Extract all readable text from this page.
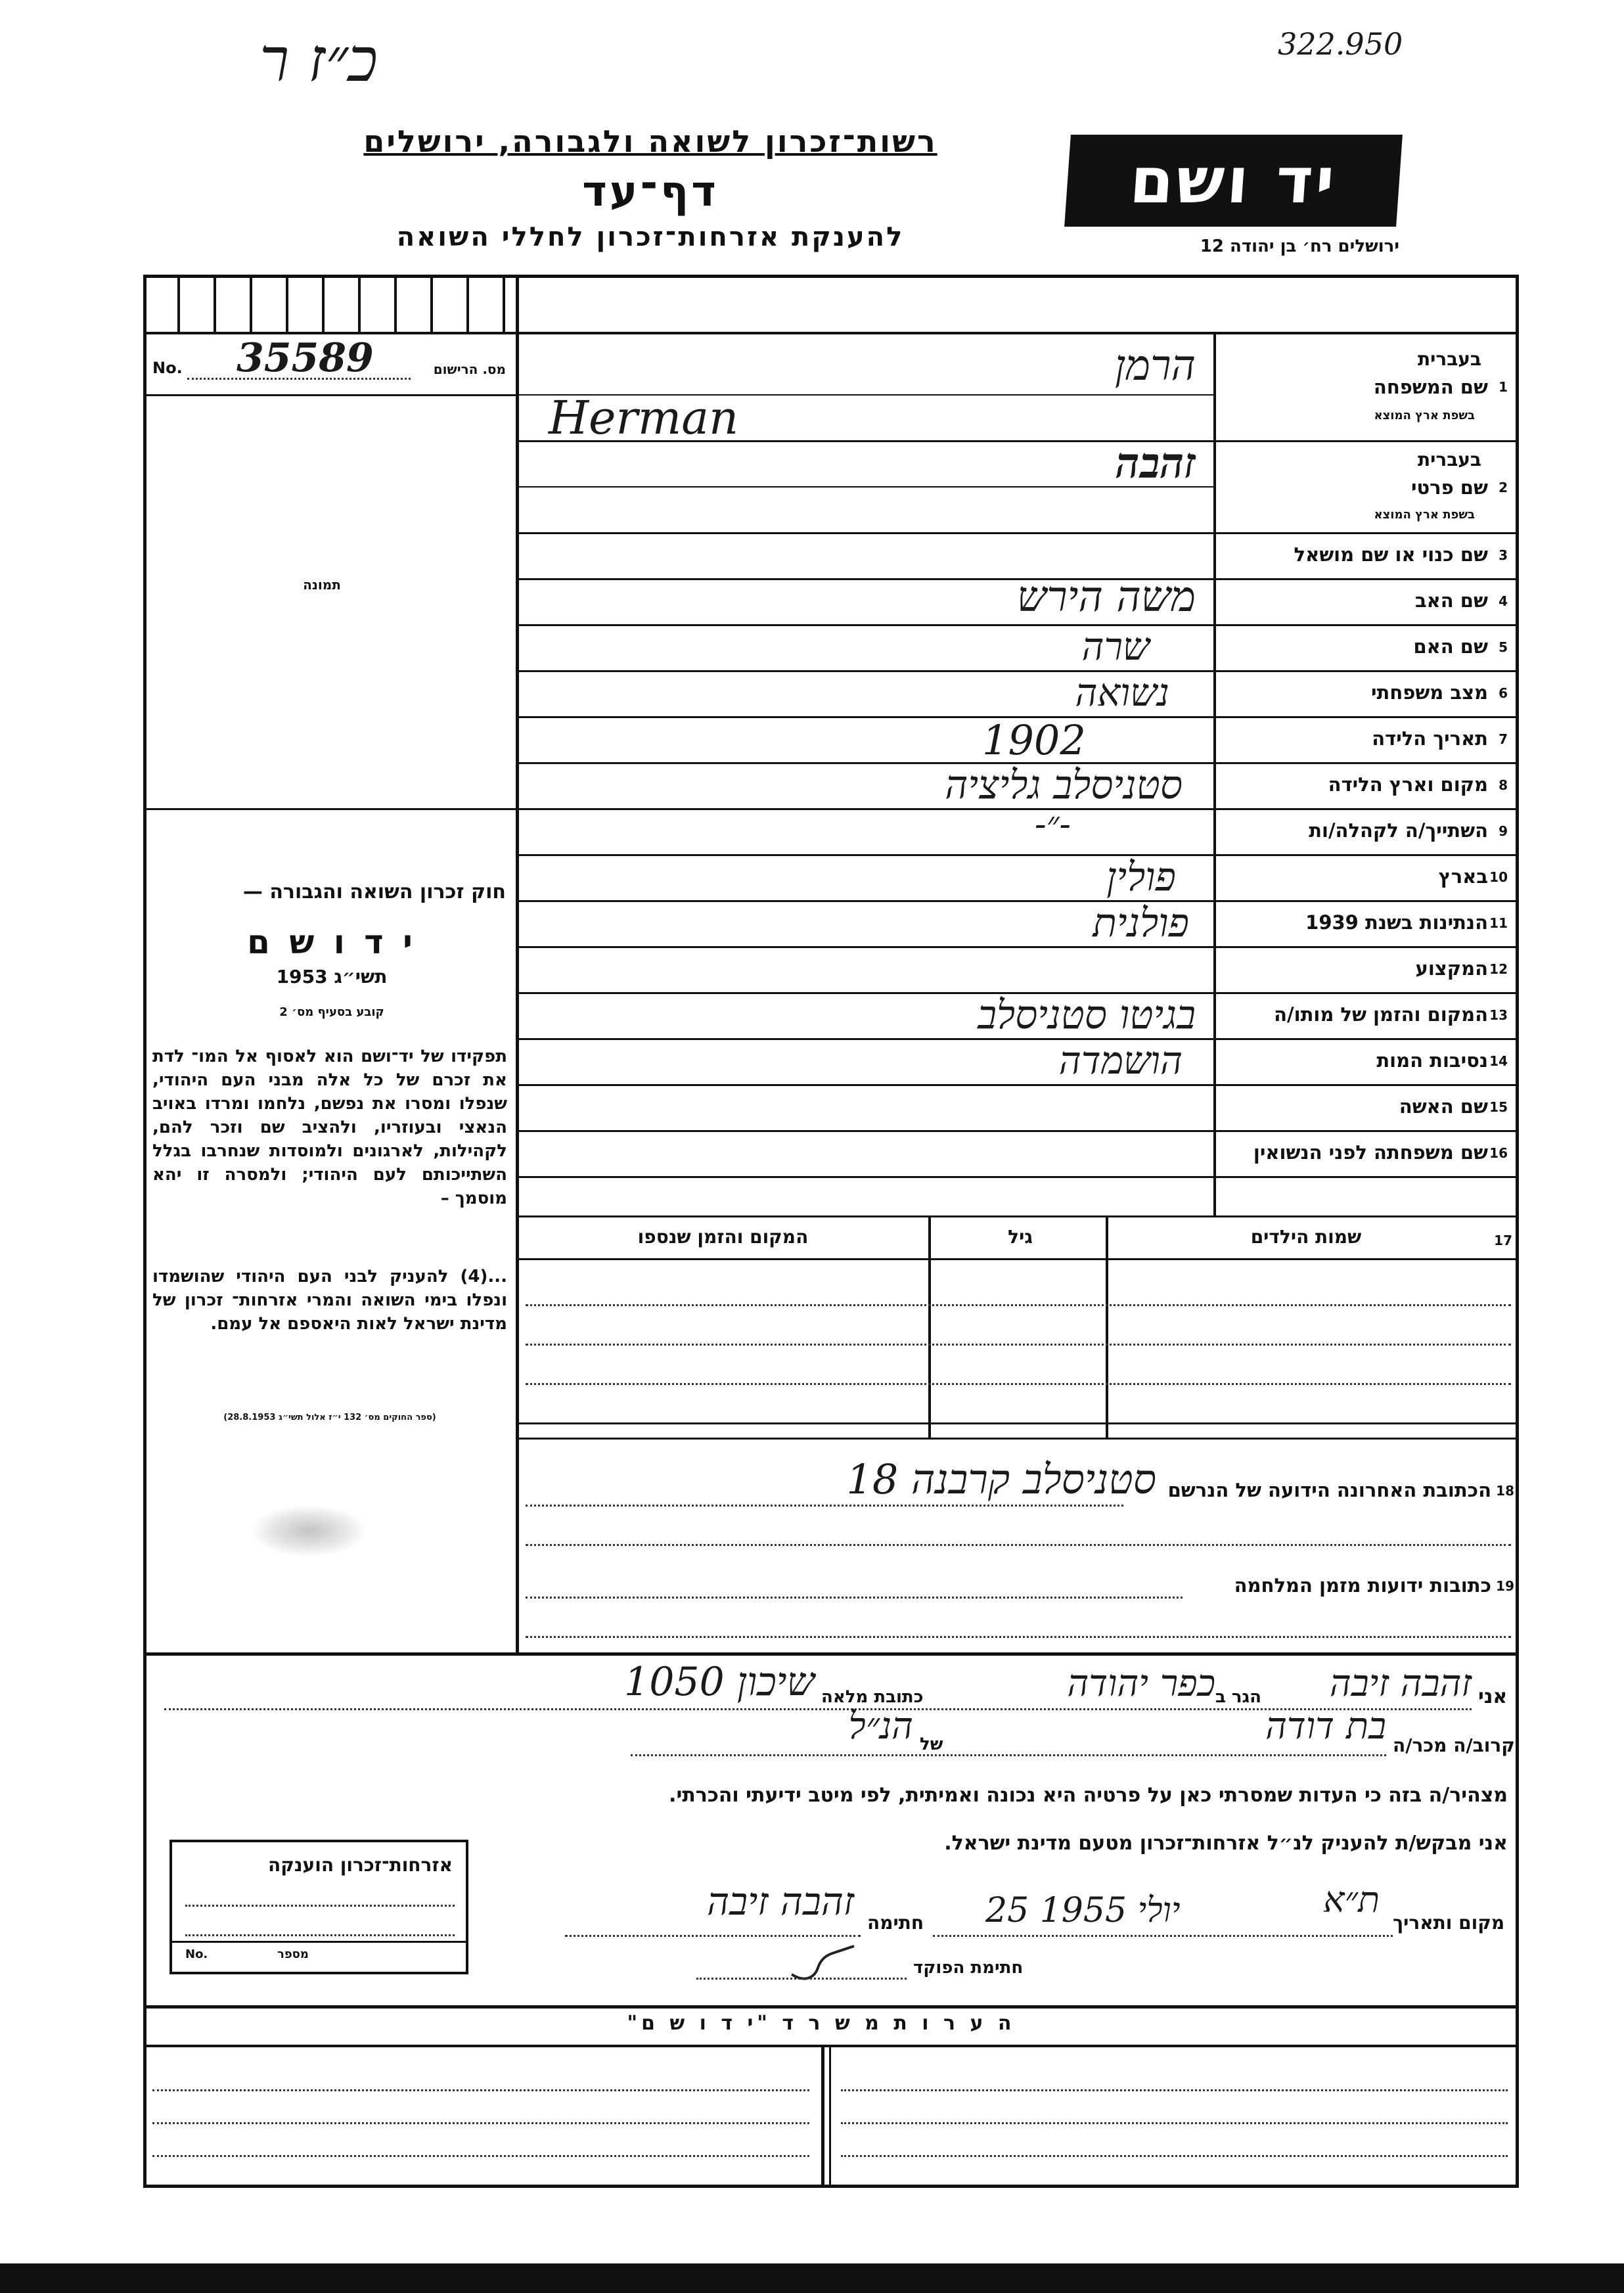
כ״ז ר	322.950
רשות־זכרון לשואה ולגבורה, ירושלים
דף־עד
להענקת אזרחות־זכרון לחללי השואה
יד ושם
ירושלים רח׳ בן יהודה 12
No. 35589	מס. הרישום
תמונה
חוק זכרון השואה והגבורה —
י ד ו ש ם
תשי״ג 1953
קובע בסעיף מס׳ 2
תפקידו של יד־ושם הוא לאסוף אל המו־ לדת את זכרם של כל אלה מבני העם היהודי, שנפלו ומסרו את נפשם, נלחמו ומרדו באויב הנאצי ובעוזריו, ולהציב שם וזכר להם, לקהילות, לארגונים ולמוסדות שנחרבו בגלל השתייכותם לעם היהודי; ולמסרה זו יהא מוסמך –
...(4) להעניק לבני העם היהודי שהושמדו ונפלו בימי השואה והמרי אזרחות־ זכרון של מדינת ישראל לאות היאספם אל עמם.
(ספר החוקים מס׳ 132 י״ז אלול תשי״ג 28.8.1953)
בעברית
שם המשפחה
בשפת ארץ המוצא
1
הרמן
Herman
בעברית
שם פרטי
בשפת ארץ המוצא
2
זהבה
שם כנוי או שם מושאל 3
שם האב 4
משה הירש
שם האם 5
שרה
מצב משפחתי 6
נשואה
תאריך הלידה 7
1902
מקום וארץ הלידה 8
סטניסלב גליציה
השתייך/ה לקהלה/ות 9
-״-
בארץ 10
פולין
הנתינות בשנת 1939 11
פולנית
המקצוע 12
המקום והזמן של מותו/ה 13
בגיטו סטניסלב
נסיבות המות 14
הושמדה
שם האשה 15
שם משפחתה לפני הנשואין 16
17
שמות הילדים
גיל
המקום והזמן שנספו
18
הכתובת האחרונה הידועה של הנרשם
סטניסלב קרבנה 18
19
כתובות ידועות מזמן המלחמה
אני
זהבה זיבה
הגר ב
כפר יהודה
כתובת מלאה
שיכון 1050
קרוב/ה מכר/ה
בת דודה
של
הנ״ל
מצהיר/ה בזה כי העדות שמסרתי כאן על פרטיה היא נכונה ואמיתית, לפי מיטב ידיעתי והכרתי.
אני מבקש/ת להעניק לנ״ל אזרחות־זכרון מטעם מדינת ישראל.
מקום ותאריך
ת״א
25 יולי 1955
חתימה
זהבה זיבה
חתימת הפוקד
אזרחות־זכרון הוענקה
No.	מספר
ה ע ר ו ת מ ש ר ד "י ד ו ש ם"
